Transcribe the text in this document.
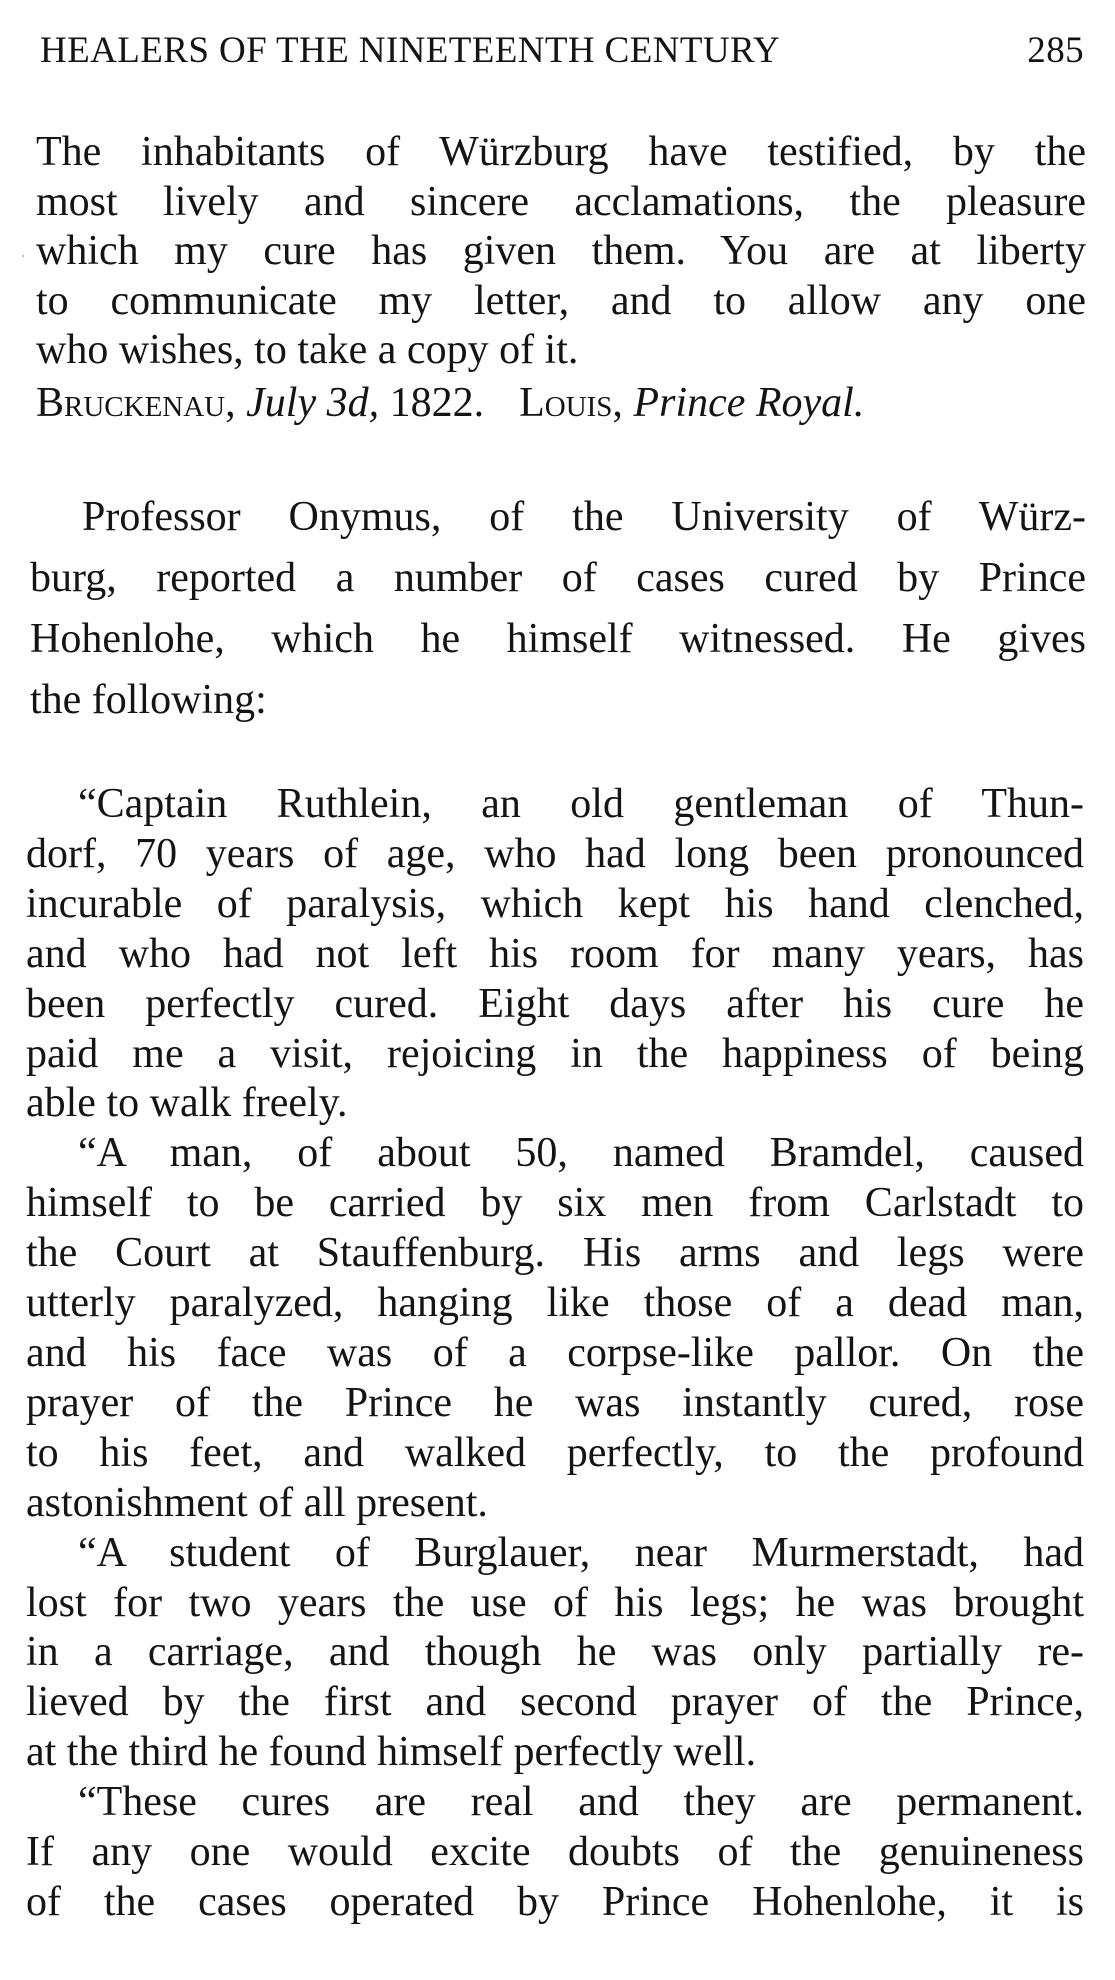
HEALERS OF THE NINETEENTH CENTURY	285
The inhabitants of Würzburg have testified, by the
most lively and sincere acclamations, the pleasure
which my cure has given them. You are at liberty
to communicate my letter, and to allow any one
who wishes, to take a copy of it.
Bruckenau, July 3d, 1822. Louis, Prince Royal.
Professor Onymus, of the University of Würz-
burg, reported a number of cases cured by Prince
Hohenlohe, which he himself witnessed. He gives
the following:
“Captain Ruthlein, an old gentleman of Thun-
dorf, 70 years of age, who had long been pronounced
incurable of paralysis, which kept his hand clenched,
and who had not left his room for many years, has
been perfectly cured. Eight days after his cure he
paid me a visit, rejoicing in the happiness of being
able to walk freely.
“A man, of about 50, named Bramdel, caused
himself to be carried by six men from Carlstadt to
the Court at Stauffenburg. His arms and legs were
utterly paralyzed, hanging like those of a dead man,
and his face was of a corpse-like pallor. On the
prayer of the Prince he was instantly cured, rose
to his feet, and walked perfectly, to the profound
astonishment of all present.
“A student of Burglauer, near Murmerstadt, had
lost for two years the use of his legs; he was brought
in a carriage, and though he was only partially re-
lieved by the first and second prayer of the Prince,
at the third he found himself perfectly well.
“These cures are real and they are permanent.
If any one would excite doubts of the genuineness
of the cases operated by Prince Hohenlohe, it is
